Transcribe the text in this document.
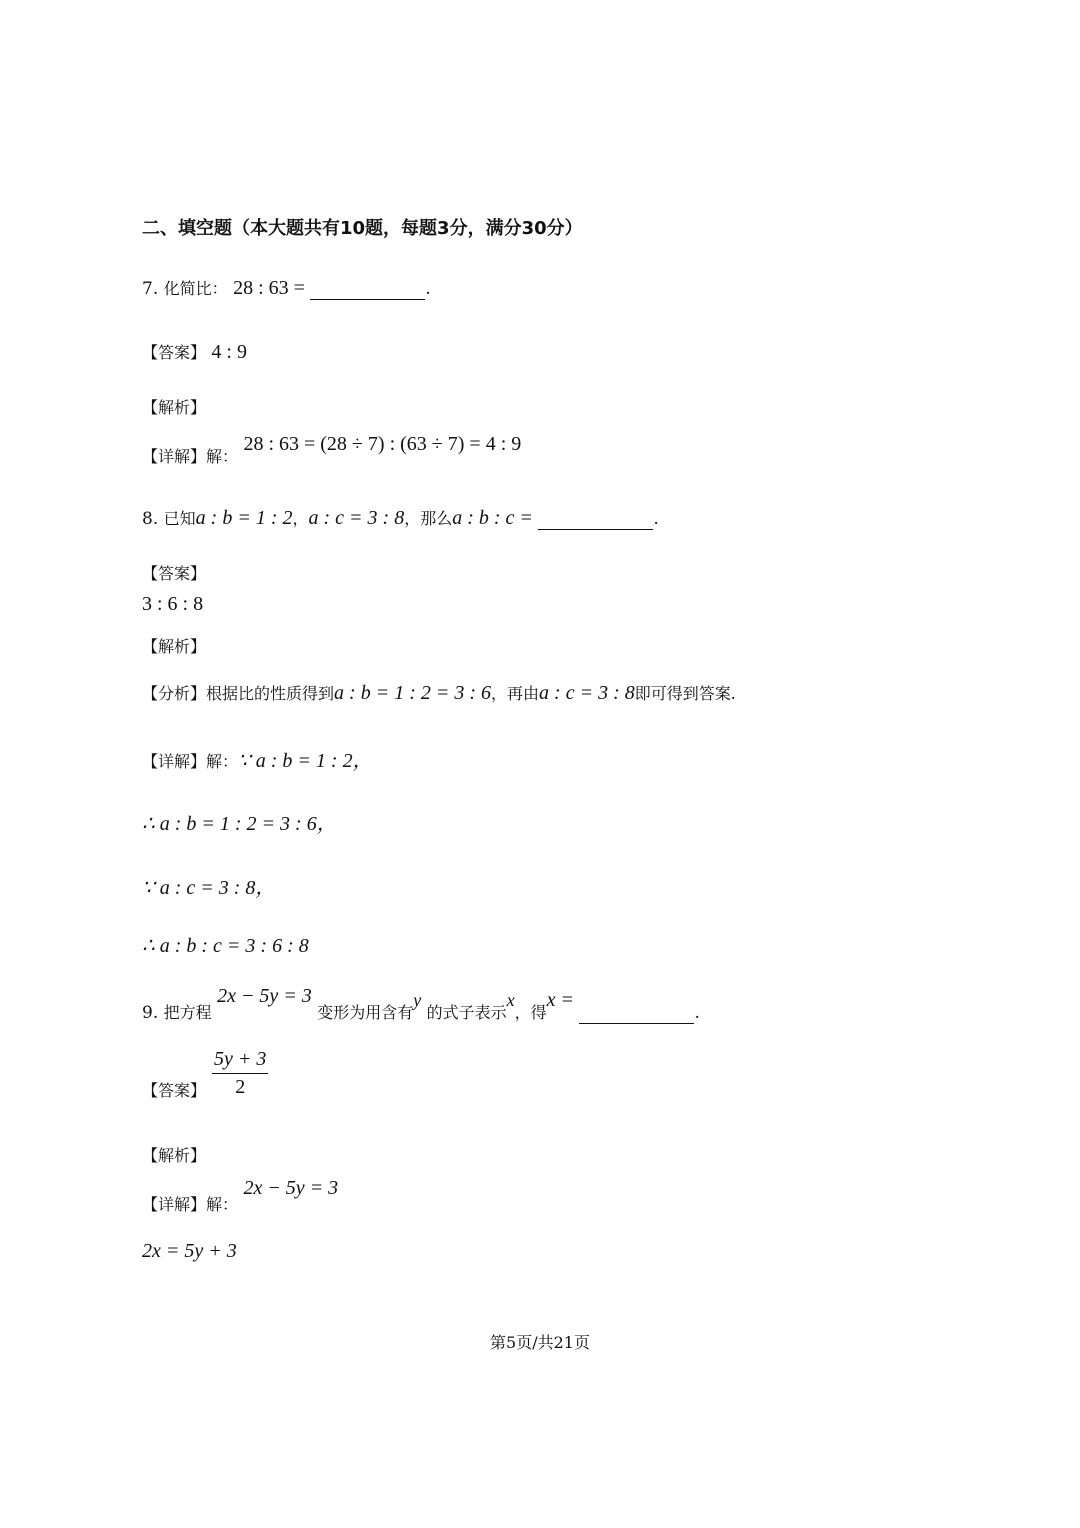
二、填空题（本大题共有10题，每题3分，满分30分）
7. 化简比： 28 : 63 =	.
【答案】 4 : 9
【解析】
【详解】解： 28 : 63 = (28 ÷ 7) : (63 ÷ 7) = 4 : 9
8. 已知a : b = 1 : 2，a : c = 3 : 8，那么a : b : c =	.
【答案】
3 : 6 : 8
【解析】
【分析】根据比的性质得到a : b = 1 : 2 = 3 : 6，再由a : c = 3 : 8即可得到答案.
【详解】解：∵ a : b = 1 : 2，
∴ a : b = 1 : 2 = 3 : 6，
∵ a : c = 3 : 8，
∴ a : b : c = 3 : 6 : 8
9. 把方程 2x − 5y = 3 变形为用含有y 的式子表示x，得x = .
【答案】 $\frac{5y + 3}{2}$
【解析】
【详解】解： 2x − 5y = 3
2x = 5y + 3
第5页/共21页
